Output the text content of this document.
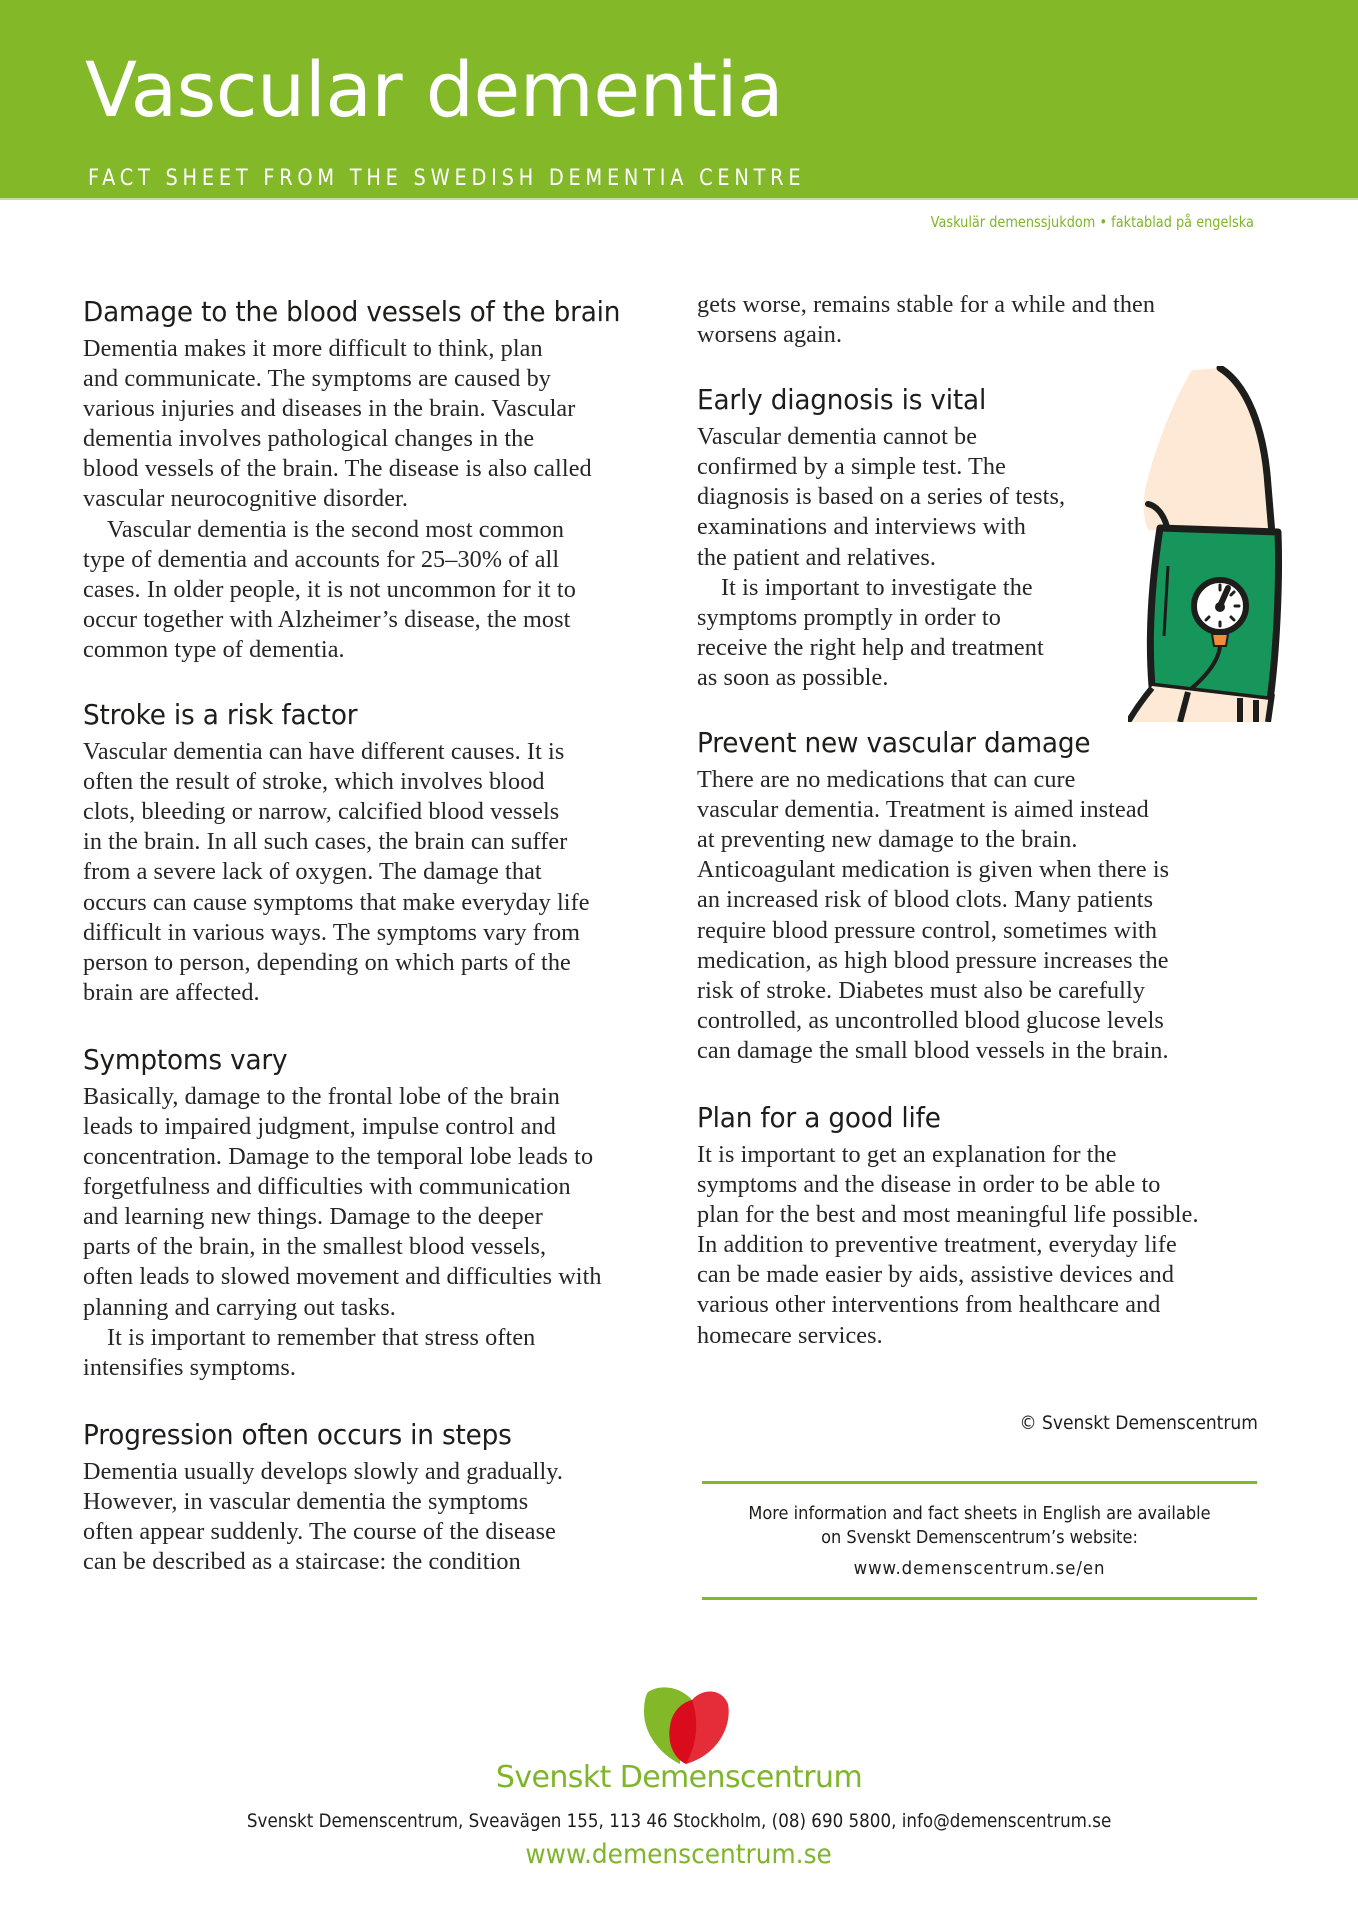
Vascular dementia
FACT SHEET FROM THE SWEDISH DEMENTIA CENTRE
Vaskulär demenssjukdom • faktablad på engelska
Damage to the blood vessels of the brain

Dementia makes it more difficult to think, plan
and communicate. The symptoms are caused by
various injuries and diseases in the brain. Vascular
dementia involves pathological changes in the
blood vessels of the brain. The disease is also called
vascular neurocognitive disorder.
Vascular dementia is the second most common
type of dementia and accounts for 25–30% of all
cases. In older people, it is not uncommon for it to
occur together with Alzheimer’s disease, the most
common type of dementia.

Stroke is a risk factor

Vascular dementia can have different causes. It is
often the result of stroke, which involves blood
clots, bleeding or narrow, calcified blood vessels
in the brain. In all such cases, the brain can suffer
from a severe lack of oxygen. The damage that
occurs can cause symptoms that make everyday life
difficult in various ways. The symptoms vary from
person to person, depending on which parts of the
brain are affected.

Symptoms vary

Basically, damage to the frontal lobe of the brain
leads to impaired judgment, impulse control and
concentration. Damage to the temporal lobe leads to
forgetfulness and difficulties with communication
and learning new things. Damage to the deeper
parts of the brain, in the smallest blood vessels,
often leads to slowed movement and difficulties with
planning and carrying out tasks.
It is important to remember that stress often
intensifies symptoms.

Progression often occurs in steps

Dementia usually develops slowly and gradually.
However, in vascular dementia the symptoms
often appear suddenly. The course of the disease
can be described as a staircase: the condition

gets worse, remains stable for a while and then
worsens again.

Early diagnosis is vital

Vascular dementia cannot be
confirmed by a simple test. The
diagnosis is based on a series of tests,
examinations and interviews with
the patient and relatives.
It is important to investigate the
symptoms promptly in order to
receive the right help and treatment
as soon as possible.

Prevent new vascular damage

There are no medications that can cure
vascular dementia. Treatment is aimed instead
at preventing new damage to the brain.
Anticoagulant medication is given when there is
an increased risk of blood clots. Many patients
require blood pressure control, sometimes with
medication, as high blood pressure increases the
risk of stroke. Diabetes must also be carefully
controlled, as uncontrolled blood glucose levels
can damage the small blood vessels in the brain.

Plan for a good life

It is important to get an explanation for the
symptoms and the disease in order to be able to
plan for the best and most meaningful life possible.
In addition to preventive treatment, everyday life
can be made easier by aids, assistive devices and
various other interventions from healthcare and
homecare services.

© Svenskt Demenscentrum
More information and fact sheets in English are available
on Svenskt Demenscentrum’s website:
www.demenscentrum.se/en
Svenskt Demenscentrum
Svenskt Demenscentrum, Sveavägen 155, 113 46 Stockholm, (08) 690 5800, info@demenscentrum.se
www.demenscentrum.se
